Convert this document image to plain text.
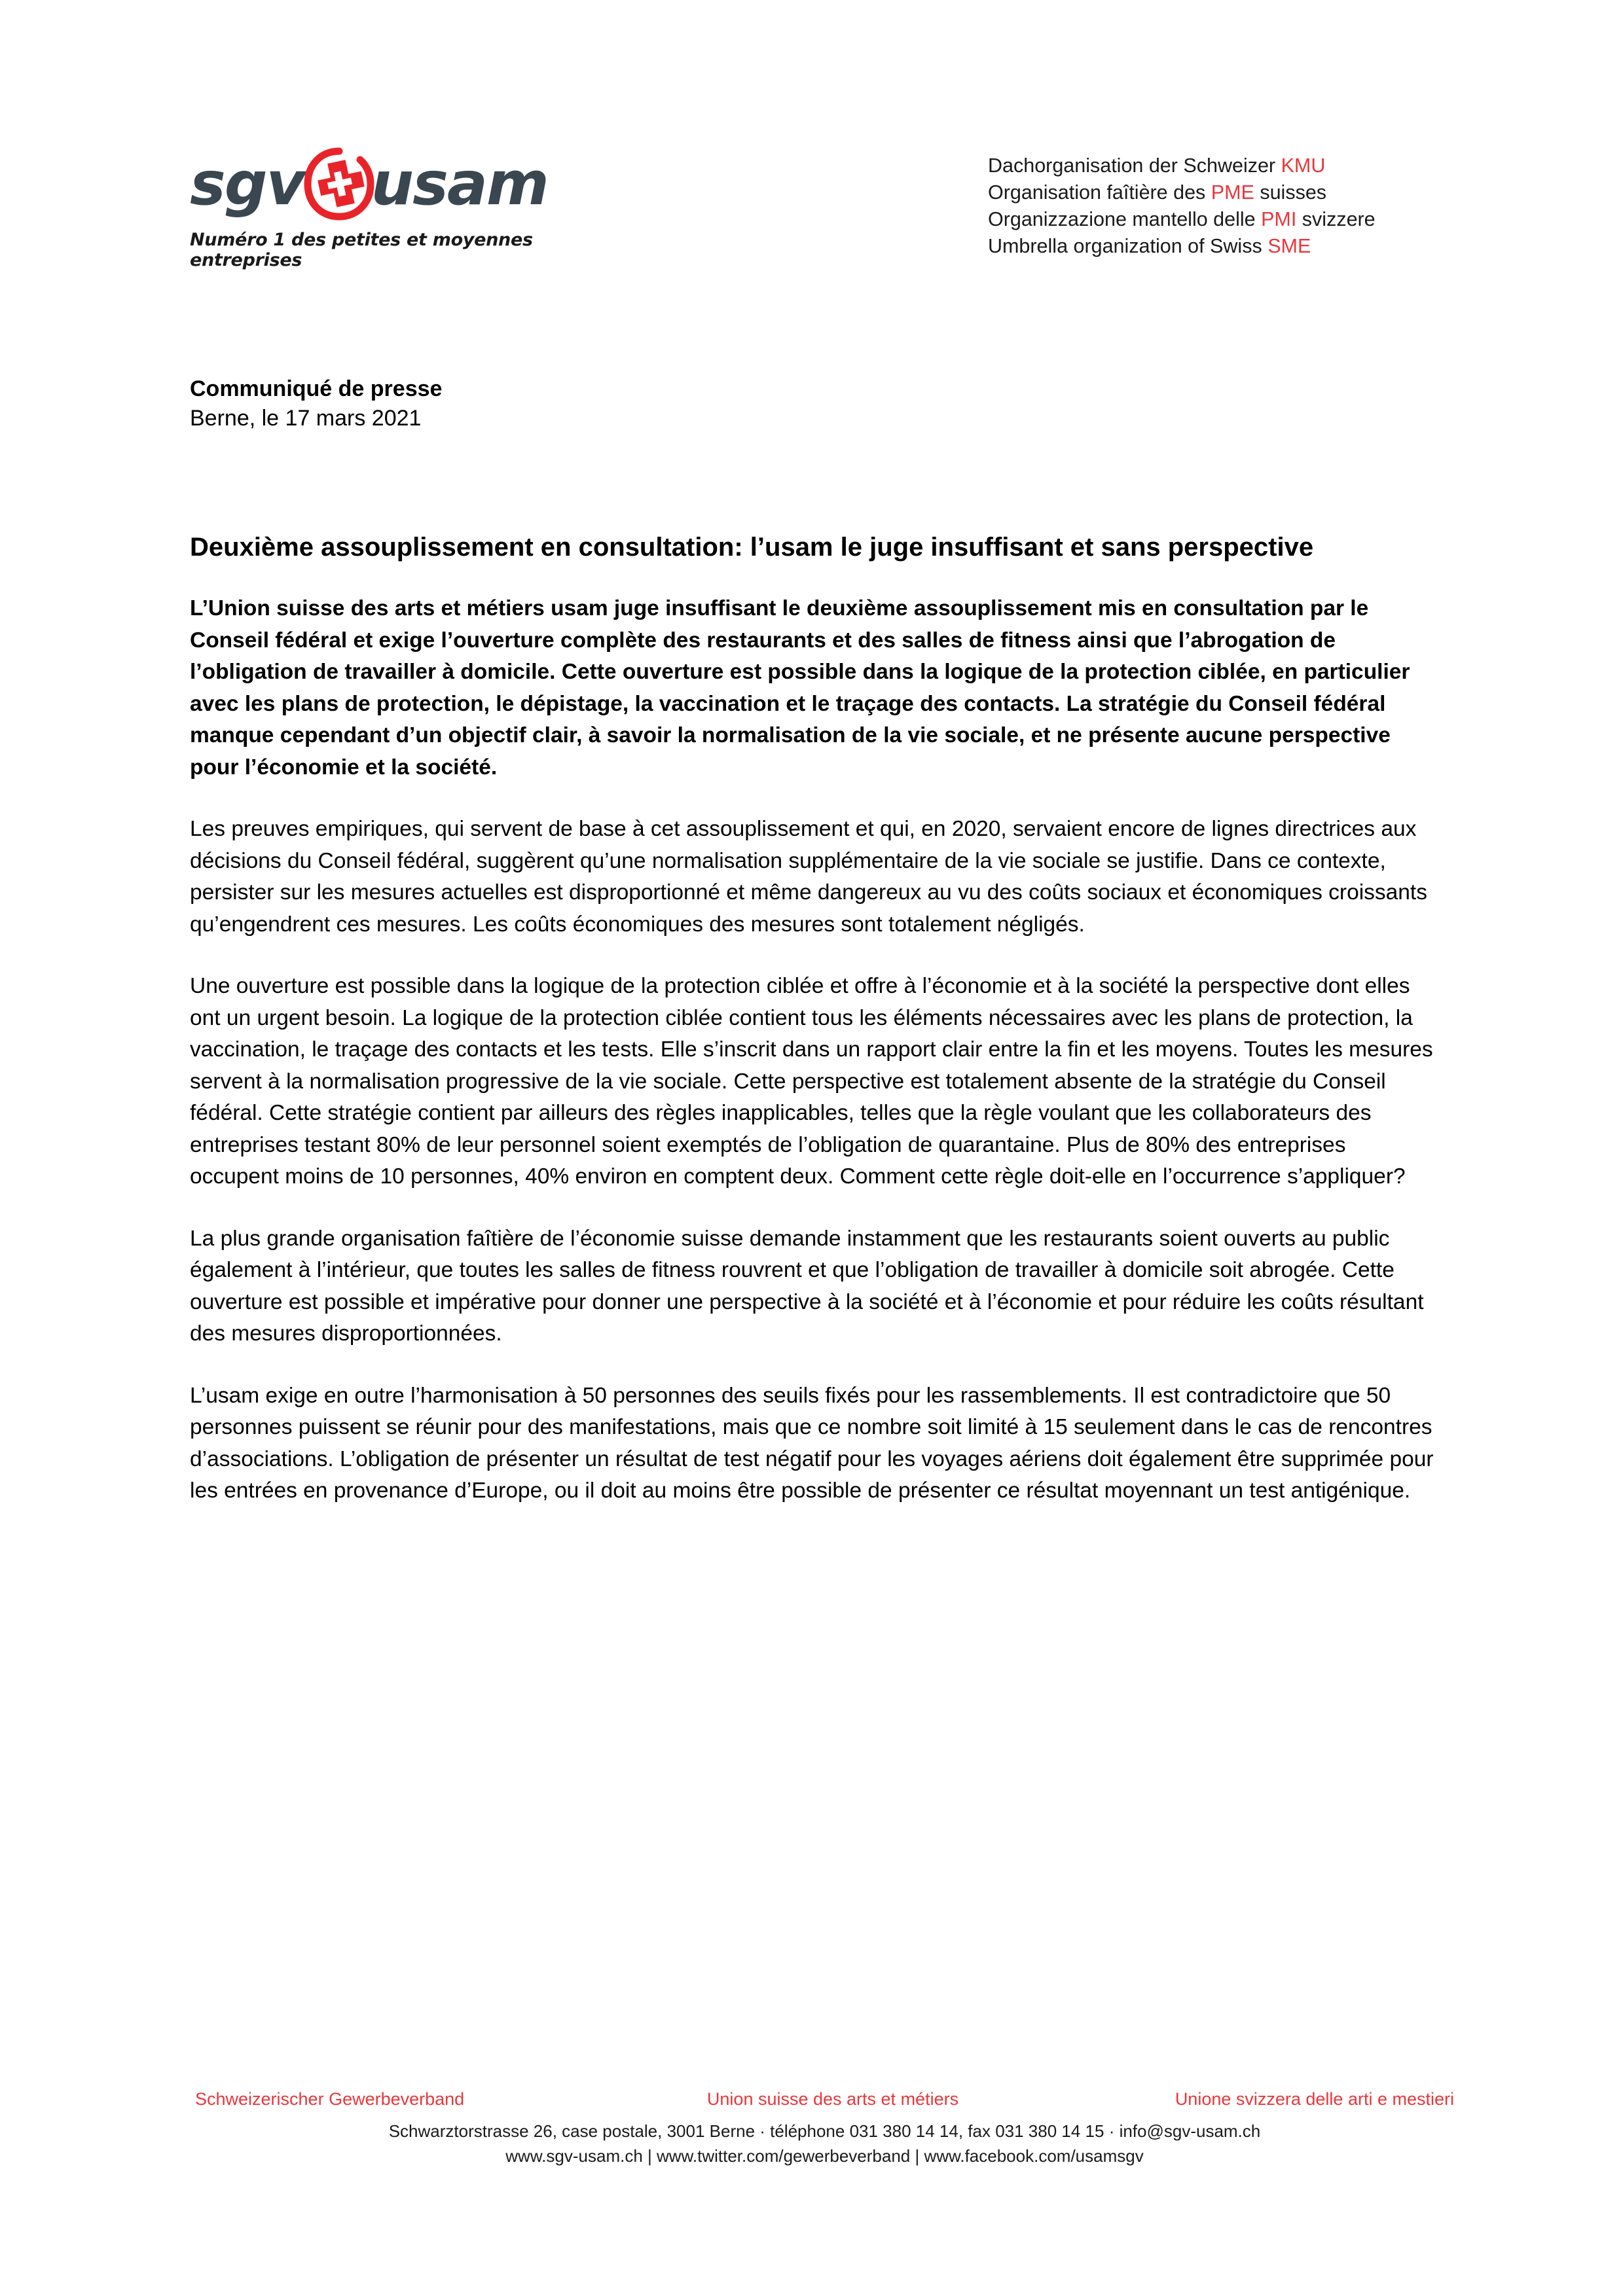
sgv usam
Numéro 1 des petites et moyennes entreprises
Dachorganisation der Schweizer KMU
Organisation faîtière des PME suisses
Organizzazione mantello delle PMI svizzere
Umbrella organization of Swiss SME
Communiqué de presse
Berne, le 17 mars 2021
Deuxième assouplissement en consultation: l’usam le juge insuffisant et sans perspective

L’Union suisse des arts et métiers usam juge insuffisant le deuxième assouplissement mis en consultation par le Conseil fédéral et exige l’ouverture complète des restaurants et des salles de fitness ainsi que l’abrogation de l’obligation de travailler à domicile. Cette ouverture est possible dans la logique de la protection ciblée, en particulier avec les plans de protection, le dépistage, la vaccination et le traçage des contacts. La stratégie du Conseil fédéral manque cependant d’un objectif clair, à savoir la normalisation de la vie sociale, et ne présente aucune perspective pour l’économie et la société.

Les preuves empiriques, qui servent de base à cet assouplissement et qui, en 2020, servaient encore de lignes directrices aux décisions du Conseil fédéral, suggèrent qu’une normalisation supplémentaire de la vie sociale se justifie. Dans ce contexte, persister sur les mesures actuelles est disproportionné et même dangereux au vu des coûts sociaux et économiques croissants qu’engendrent ces mesures. Les coûts économiques des mesures sont totalement négligés.

Une ouverture est possible dans la logique de la protection ciblée et offre à l’économie et à la société la perspective dont elles ont un urgent besoin. La logique de la protection ciblée contient tous les éléments nécessaires avec les plans de protection, la vaccination, le traçage des contacts et les tests. Elle s’inscrit dans un rapport clair entre la fin et les moyens. Toutes les mesures servent à la normalisation progressive de la vie sociale. Cette perspective est totalement absente de la stratégie du Conseil fédéral. Cette stratégie contient par ailleurs des règles inapplicables, telles que la règle voulant que les collaborateurs des entreprises testant 80% de leur personnel soient exemptés de l’obligation de quarantaine. Plus de 80% des entreprises occupent moins de 10 personnes, 40% environ en comptent deux. Comment cette règle doit-elle en l’occurrence s’appliquer?

La plus grande organisation faîtière de l’économie suisse demande instamment que les restaurants soient ouverts au public également à l’intérieur, que toutes les salles de fitness rouvrent et que l’obligation de travailler à domicile soit abrogée. Cette ouverture est possible et impérative pour donner une perspective à la société et à l’économie et pour réduire les coûts résultant des mesures disproportionnées.

L’usam exige en outre l’harmonisation à 50 personnes des seuils fixés pour les rassemblements. Il est contradictoire que 50 personnes puissent se réunir pour des manifestations, mais que ce nombre soit limité à 15 seulement dans le cas de rencontres d’associations. L’obligation de présenter un résultat de test négatif pour les voyages aériens doit également être supprimée pour les entrées en provenance d’Europe, ou il doit au moins être possible de présenter ce résultat moyennant un test antigénique.

Schweizerischer Gewerbeverband	Union suisse des arts et métiers	Unione svizzera delle arti e mestieri
Schwarztorstrasse 26, case postale, 3001 Berne · téléphone 031 380 14 14, fax 031 380 14 15 · info@sgv-usam.ch
www.sgv-usam.ch | www.twitter.com/gewerbeverband | www.facebook.com/usamsgv
